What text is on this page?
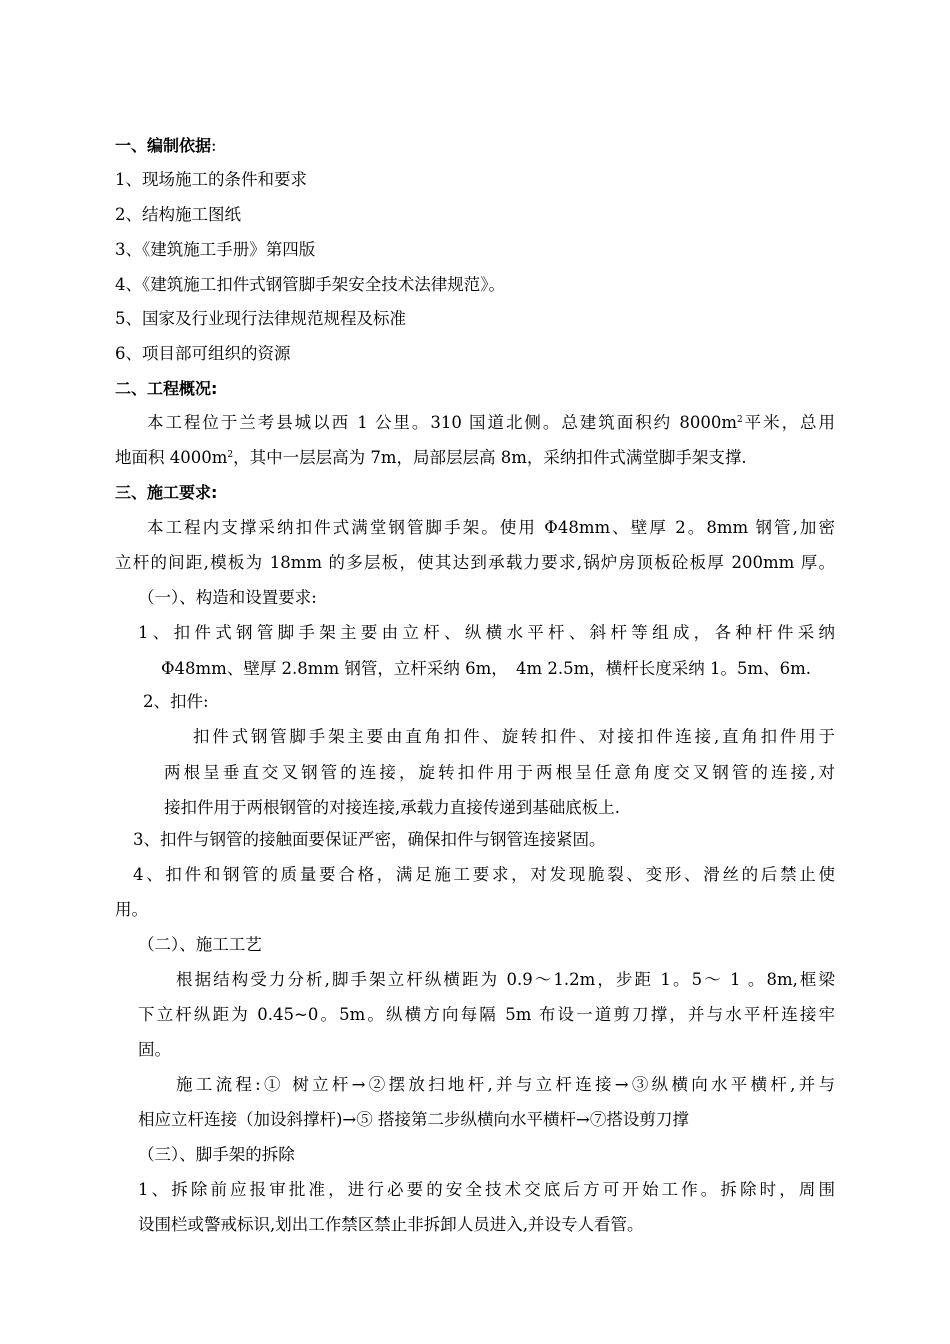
一、编制依据:
1、现场施工的条件和要求
2、结构施工图纸
3、《建筑施工手册》第四版
4、《建筑施工扣件式钢管脚手架安全技术法律规范》。
5、国家及行业现行法律规范规程及标准
6、项目部可组织的资源
二、工程概况:
本工程位于兰考县城以西 1 公里。310 国道北侧。总建筑面积约 $8000m^2$平米，总用
地面积 $4000m^2$，其中一层层高为 7m，局部层层高 8m，采纳扣件式满堂脚手架支撑.
三、施工要求:
本工程内支撑采纳扣件式满堂钢管脚手架。使用 Φ48mm、壁厚 2。8mm 钢管,加密
立杆的间距,模板为 18mm 的多层板，使其达到承载力要求,锅炉房顶板砼板厚 200mm 厚。
（一）、构造和设置要求:
1、扣件式钢管脚手架主要由立杆、纵横水平杆、斜杆等组成，各种杆件采纳
Φ48mm、壁厚 2.8mm 钢管，立杆采纳 6m，　4m 2.5m，横杆长度采纳 1。5m、6m.
2、扣件:
扣件式钢管脚手架主要由直角扣件、旋转扣件、对接扣件连接,直角扣件用于
两根呈垂直交叉钢管的连接，旋转扣件用于两根呈任意角度交叉钢管的连接,对
接扣件用于两根钢管的对接连接,承载力直接传递到基础底板上.
3、扣件与钢管的接触面要保证严密，确保扣件与钢管连接紧固。
4、扣件和钢管的质量要合格，满足施工要求，对发现脆裂、变形、滑丝的后禁止使
用。
（二）、施工工艺
根据结构受力分析,脚手架立杆纵横距为 0.9～1.2m，步距 1。5～ 1 。8m,框梁
下立杆纵距为 0.45~0。5m。纵横方向每隔 5m 布设一道剪刀撑，并与水平杆连接牢
固。
施工流程:① 树立杆→②摆放扫地杆,并与立杆连接→③纵横向水平横杆,并与
相应立杆连接（加设斜撑杆)→⑤ 搭接第二步纵横向水平横杆→⑦搭设剪刀撑
（三）、脚手架的拆除
1、拆除前应报审批准，进行必要的安全技术交底后方可开始工作。拆除时，周围
设围栏或警戒标识,划出工作禁区禁止非拆卸人员进入,并设专人看管。
